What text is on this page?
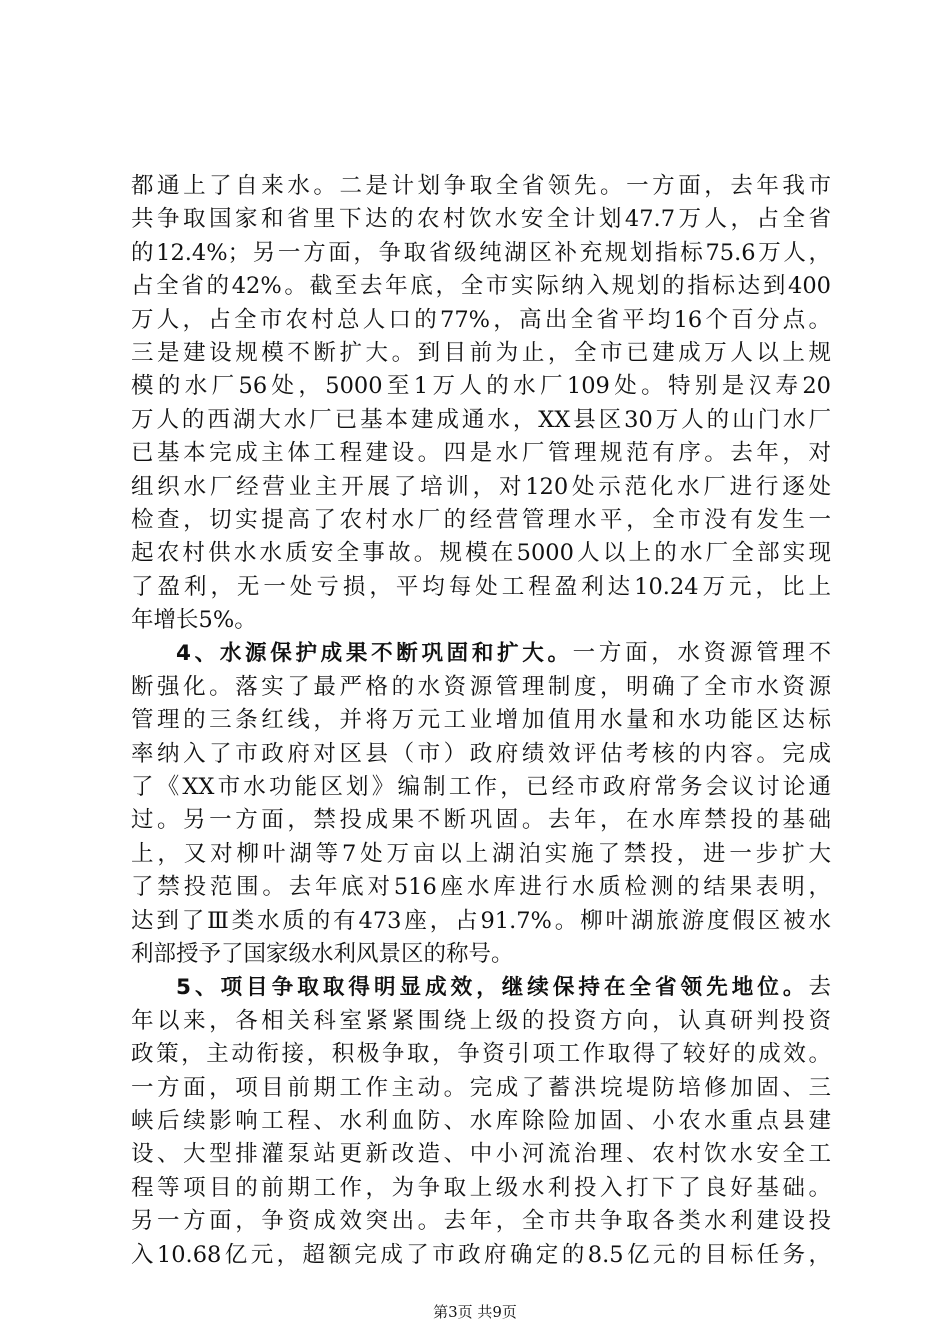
都通上了自来水。二是计划争取全省领先。一方面，去年我市
共争取国家和省里下达的农村饮水安全计划47.7万人，占全省
的12.4%；另一方面，争取省级纯湖区补充规划指标75.6万人，
占全省的42%。截至去年底，全市实际纳入规划的指标达到400
万人，占全市农村总人口的77%，高出全省平均16个百分点。
三是建设规模不断扩大。到目前为止，全市已建成万人以上规
模的水厂56处，5000至1万人的水厂109处。特别是汉寿20
万人的西湖大水厂已基本建成通水，XX县区30万人的山门水厂
已基本完成主体工程建设。四是水厂管理规范有序。去年，对
组织水厂经营业主开展了培训，对120处示范化水厂进行逐处
检查，切实提高了农村水厂的经营管理水平，全市没有发生一
起农村供水水质安全事故。规模在5000人以上的水厂全部实现
了盈利，无一处亏损，平均每处工程盈利达10.24万元，比上
年增长5%。
4、水源保护成果不断巩固和扩大。一方面，水资源管理不
断强化。落实了最严格的水资源管理制度，明确了全市水资源
管理的三条红线，并将万元工业增加值用水量和水功能区达标
率纳入了市政府对区县（市）政府绩效评估考核的内容。完成
了《XX市水功能区划》编制工作，已经市政府常务会议讨论通
过。另一方面，禁投成果不断巩固。去年，在水库禁投的基础
上，又对柳叶湖等7处万亩以上湖泊实施了禁投，进一步扩大
了禁投范围。去年底对516座水库进行水质检测的结果表明，
达到了Ⅲ类水质的有473座，占91.7%。柳叶湖旅游度假区被水
利部授予了国家级水利风景区的称号。
5、项目争取取得明显成效，继续保持在全省领先地位。去
年以来，各相关科室紧紧围绕上级的投资方向，认真研判投资
政策，主动衔接，积极争取，争资引项工作取得了较好的成效。
一方面，项目前期工作主动。完成了蓄洪垸堤防培修加固、三
峡后续影响工程、水利血防、水库除险加固、小农水重点县建
设、大型排灌泵站更新改造、中小河流治理、农村饮水安全工
程等项目的前期工作，为争取上级水利投入打下了良好基础。
另一方面，争资成效突出。去年，全市共争取各类水利建设投
入10.68亿元，超额完成了市政府确定的8.5亿元的目标任务，
第3页 共9页
